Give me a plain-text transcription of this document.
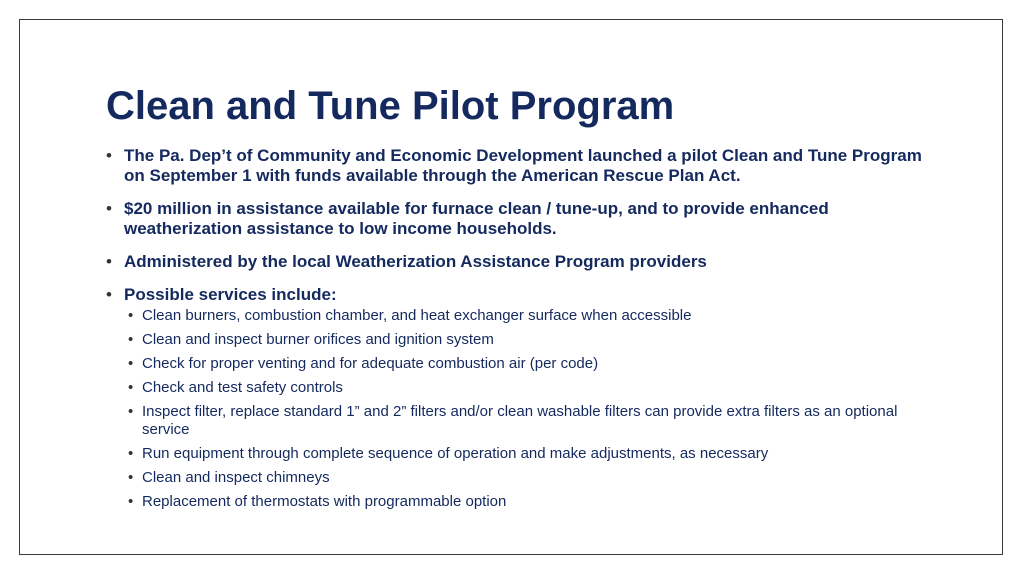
Clean and Tune Pilot Program
• The Pa. Dep’t of Community and Economic Development launched a pilot Clean and Tune Program on September 1 with funds available through the American Rescue Plan Act.
• $20 million in assistance available for furnace clean / tune-up, and to provide enhanced weatherization assistance to low income households.
• Administered by the local Weatherization Assistance Program providers
• Possible services include:
• Clean burners, combustion chamber, and heat exchanger surface when accessible
• Clean and inspect burner orifices and ignition system
• Check for proper venting and for adequate combustion air (per code)
• Check and test safety controls
• Inspect filter, replace standard 1” and 2” filters and/or clean washable filters can provide extra filters as an optional service
• Run equipment through complete sequence of operation and make adjustments, as necessary
• Clean and inspect chimneys
• Replacement of thermostats with programmable option
